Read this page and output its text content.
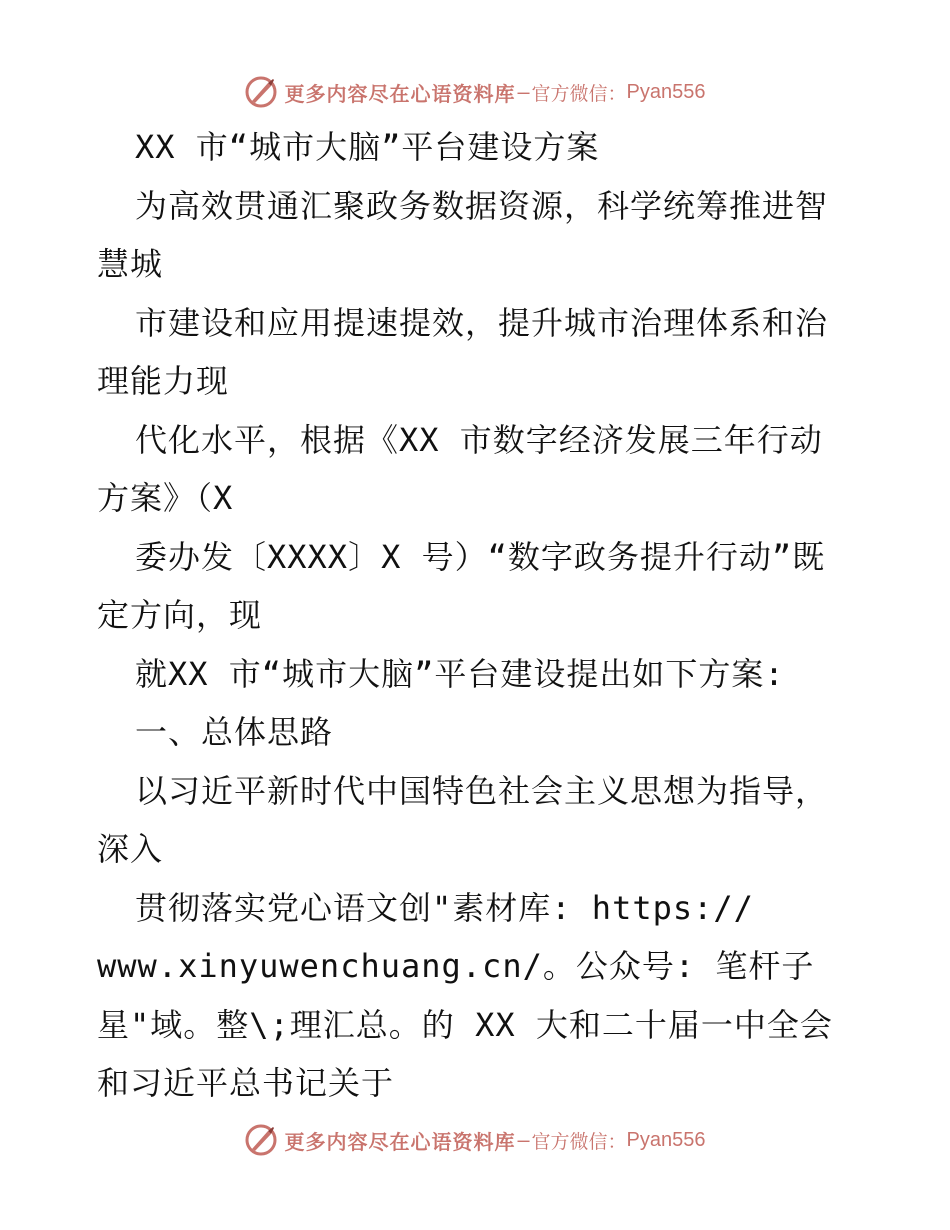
更多内容尽在心语资料库 — 官方微信： Pyan556
XX 市“城市大脑”平台建设方案
为高效贯通汇聚政务数据资源，科学统筹推进智
慧城
市建设和应用提速提效，提升城市治理体系和治
理能力现
代化水平，根据《XX 市数字经济发展三年行动
方案》（X
委办发〔XXXX〕X 号）“数字政务提升行动”既
定方向，现
就XX 市“城市大脑”平台建设提出如下方案:
一、总体思路
以习近平新时代中国特色社会主义思想为指导，
深入
贯彻落实党心语文创"素材库: https://
www.xinyuwenchuang.cn/。公众号: 笔杆子
星"域。整\;理汇总。的 XX 大和二十届一中全会
和习近平总书记关于
更多内容尽在心语资料库 — 官方微信： Pyan556
